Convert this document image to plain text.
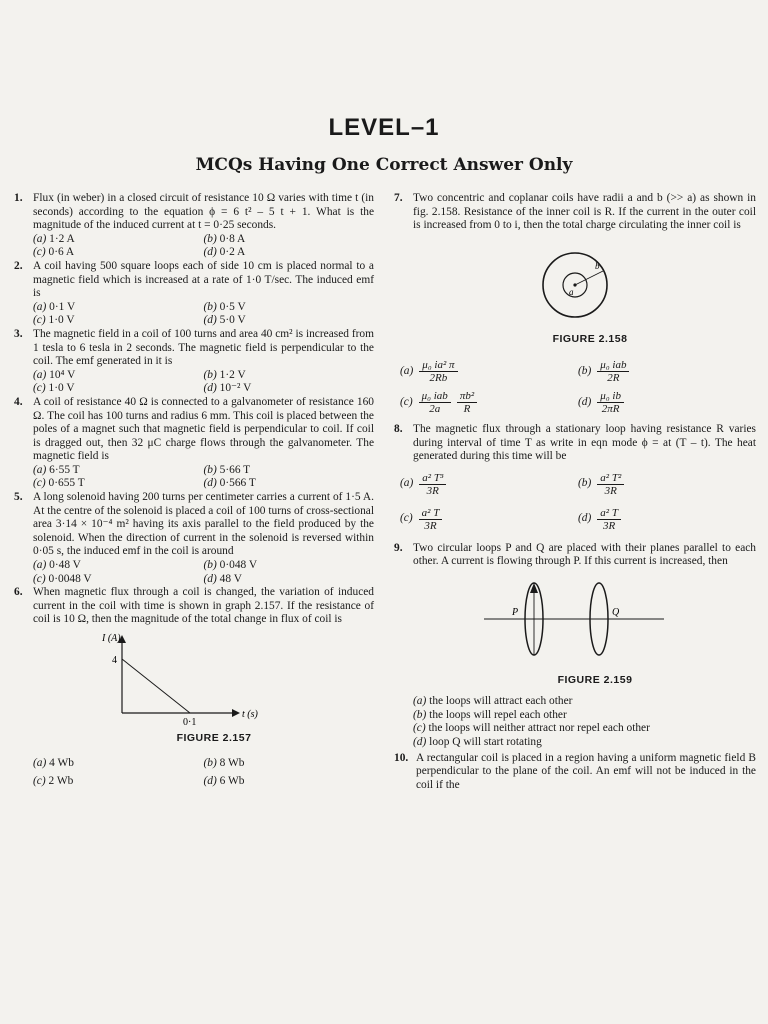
LEVEL–1
MCQs Having One Correct Answer Only
1. Flux (in weber) in a closed circuit of resistance 10 Ω varies with time t (in seconds) according to the equation ϕ = 6 t² – 5 t + 1. What is the magnitude of the induced current at t = 0·25 seconds.
(a) 1·2 A	(b) 0·8 A
(c) 0·6 A	(d) 0·2 A
2. A coil having 500 square loops each of side 10 cm is placed normal to a magnetic field which is increased at a rate of 1·0 T/sec. The induced emf is
(a) 0·1 V	(b) 0·5 V
(c) 1·0 V	(d) 5·0 V
3. The magnetic field in a coil of 100 turns and area 40 cm² is increased from 1 tesla to 6 tesla in 2 seconds. The magnetic field is perpendicular to the coil. The emf generated in it is
(a) 10⁴ V	(b) 1·2 V
(c) 1·0 V	(d) 10⁻² V
4. A coil of resistance 40 Ω is connected to a galvanometer of resistance 160 Ω. The coil has 100 turns and radius 6 mm. This coil is placed between the poles of a magnet such that magnetic field is perpendicular to coil. If coil is dragged out, then 32 μC charge flows through the galvanometer. The magnetic field is
(a) 6·55 T	(b) 5·66 T
(c) 0·655 T	(d) 0·566 T
5. A long solenoid having 200 turns per centimeter carries a current of 1·5 A. At the centre of the solenoid is placed a coil of 100 turns of cross-sectional area 3·14 × 10⁻⁴ m² having its axis parallel to the field produced by the solenoid. When the direction of current in the solenoid is reversed within 0·05 s, the induced emf in the coil is around
(a) 0·48 V	(b) 0·048 V
(c) 0·0048 V	(d) 48 V
6. When magnetic flux through a coil is changed, the variation of induced current in the coil with time is shown in graph 2.157. If the resistance of coil is 10 Ω, then the magnitude of the total change in flux of coil is
I (A)
4
0·1
t (s)
FIGURE 2.157
(a) 4 Wb	(b) 8 Wb
(c) 2 Wb	(d) 6 Wb
7. Two concentric and coplanar coils have radii a and b (>> a) as shown in fig. 2.158. Resistance of the inner coil is R. If the current in the outer coil is increased from 0 to i, then the total charge circulating the inner coil is
a
b
FIGURE 2.158
$(a) \frac{\text{μ₀ ia² π}}{2Rb}$	$(b) \frac{\text{μ₀ iab}}{2R}$
$(c) \frac{\text{μ₀ iab}}{2a} \frac{\text{πb²}}{R}$	$(d) \frac{\text{μ₀ ib}}{2\pi R}$
8. The magnetic flux through a stationary loop having resistance R varies during interval of time T as write in eqn mode ϕ = at (T – t). The heat generated during this time will be
$(a) \frac{\text{a² T³}}{3R}$	$(b) \frac{\text{a² T²}}{3R}$
$(c) \frac{\text{a² T}}{3R}$	$(d) \frac{\text{a² T}}{3R}$
9. Two circular loops P and Q are placed with their planes parallel to each other. A current is flowing through P. If this current is increased, then
P	Q
FIGURE 2.159
(a) the loops will attract each other
(b) the loops will repel each other
(c) the loops will neither attract nor repel each other
(d) loop Q will start rotating
10. A rectangular coil is placed in a region having a uniform magnetic field B perpendicular to the plane of the coil. An emf will not be induced in the coil if the
